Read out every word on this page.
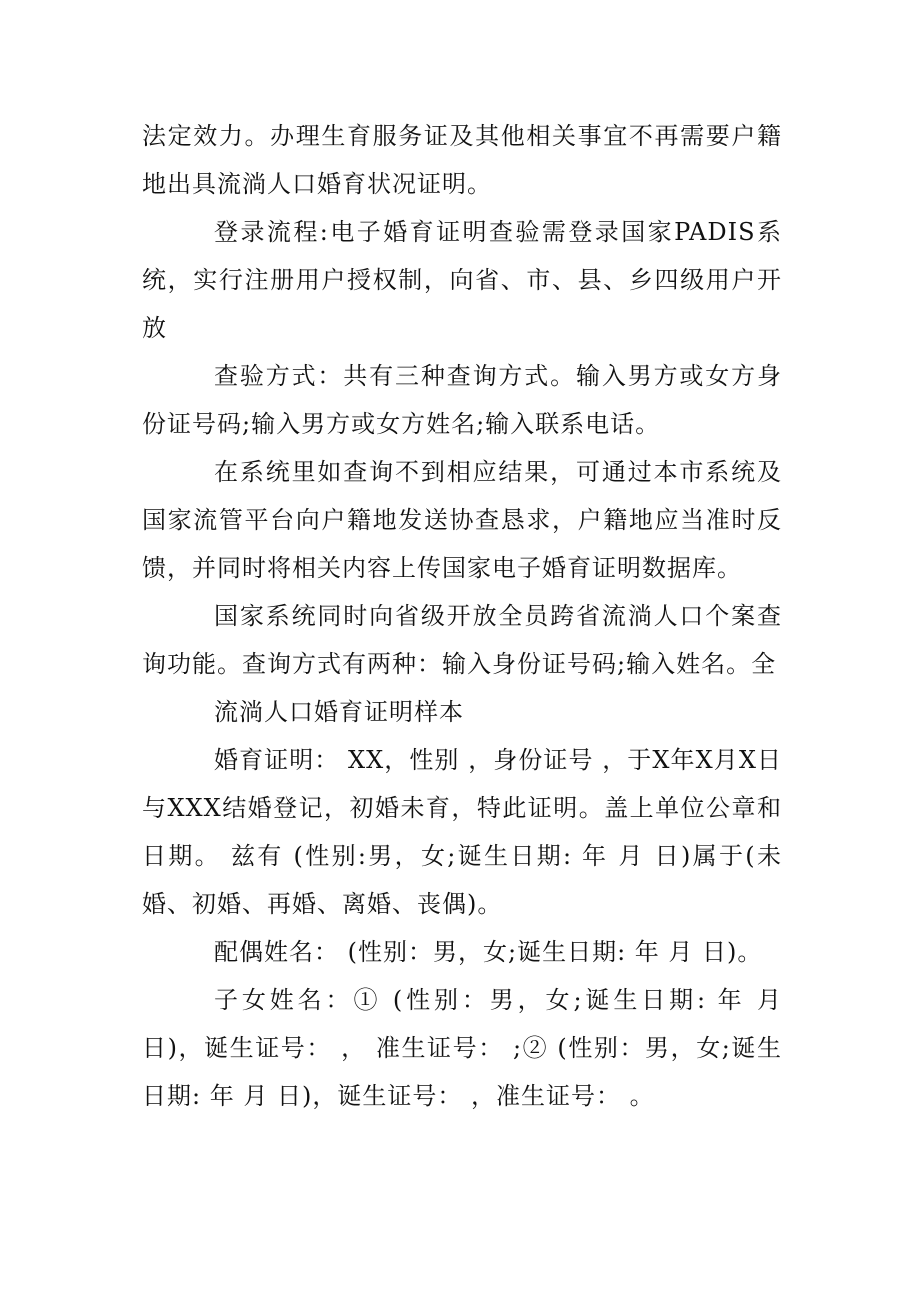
法定效力。办理生育服务证及其他相关事宜不再需要户籍地出具流淌人口婚育状况证明。

登录流程:电子婚育证明查验需登录国家PADIS系统，实行注册用户授权制，向省、市、县、乡四级用户开放

查验方式：共有三种查询方式。输入男方或女方身份证号码;输入男方或女方姓名;输入联系电话。

在系统里如查询不到相应结果，可通过本市系统及国家流管平台向户籍地发送协查恳求，户籍地应当准时反馈，并同时将相关内容上传国家电子婚育证明数据库。

国家系统同时向省级开放全员跨省流淌人口个案查询功能。查询方式有两种：输入身份证号码;输入姓名。全

流淌人口婚育证明样本

婚育证明： XX，性别 ，身份证号 ，于X年X月X日与XXX结婚登记，初婚未育，特此证明。盖上单位公章和日期。 兹有 (性别:男，女;诞生日期: 年 月 日)属于(未婚、初婚、再婚、离婚、丧偶)。

配偶姓名： (性别：男，女;诞生日期: 年 月 日)。

子女姓名：① (性别：男，女;诞生日期: 年 月 日)，诞生证号： ， 准生证号： ;② (性别：男，女;诞生日期: 年 月 日)，诞生证号： ，准生证号： 。
